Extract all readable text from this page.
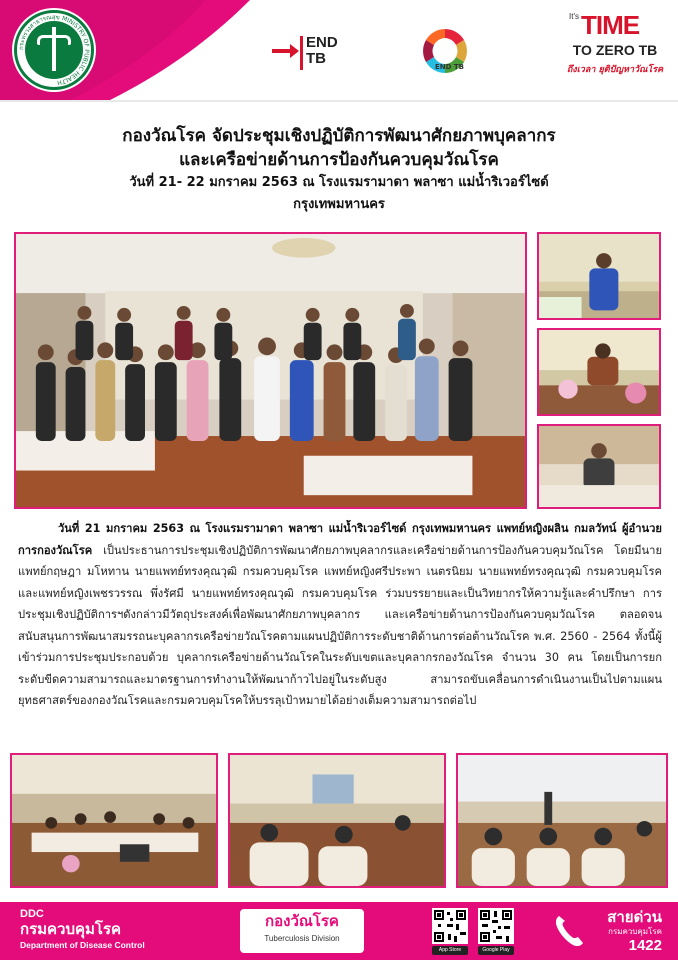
กระทรวงสาธารณสุข MINISTRY OF PUBLIC HEALTH
END TB	END TB
It's TIME
TO ZERO TB
ถึงเวลา ยุติปัญหาวัณโรค
กองวัณโรค จัดประชุมเชิงปฏิบัติการพัฒนาศักยภาพบุคลากร
และเครือข่ายด้านการป้องกันควบคุมวัณโรค
วันที่ 21- 22 มกราคม 2563 ณ โรงแรมรามาดา พลาซา แม่น้ำริเวอร์ไซด์
กรุงเทพมหานคร
วันที่ 21 มกราคม 2563 ณ โรงแรมรามาดา พลาซา แม่น้ำริเวอร์ไซด์ กรุงเทพมหานคร แพทย์หญิงผลิน กมลวัทน์ ผู้อำนวยการกองวัณโรค เป็นประธานการประชุมเชิงปฏิบัติการพัฒนาศักยภาพบุคลากรและเครือข่ายด้านการป้องกันควบคุมวัณโรค โดยมีนายแพทย์กฤษฎา มโหทาน นายแพทย์ทรงคุณวุฒิ กรมควบคุมโรค แพทย์หญิงศรีประพา เนตรนิยม นายแพทย์ทรงคุณวุฒิ กรมควบคุมโรค และแพทย์หญิงเพชรวรรณ พึ่งรัศมี นายแพทย์ทรงคุณวุฒิ กรมควบคุมโรค ร่วมบรรยายและเป็นวิทยากรให้ความรู้และคำปรึกษา การประชุมเชิงปฏิบัติการฯดังกล่าวมีวัตถุประสงค์เพื่อพัฒนาศักยภาพบุคลากร และเครือข่ายด้านการป้องกันควบคุมวัณโรค ตลอดจนสนับสนุนการพัฒนาสมรรถนะบุคลากรเครือข่ายวัณโรคตามแผนปฏิบัติการระดับชาติด้านการต่อต้านวัณโรค พ.ศ. 2560 - 2564 ทั้งนี้ผู้เข้าร่วมการประชุมประกอบด้วย บุคลากรเครือข่ายด้านวัณโรคในระดับเขตและบุคลากรกองวัณโรค จำนวน 30 คน โดยเป็นการยกระดับขีดความสามารถและมาตรฐานการทำงานให้พัฒนาก้าวไปอยู่ในระดับสูง สามารถขับเคลื่อนการดำเนินงานเป็นไปตามแผนยุทธศาสตร์ของกองวัณโรคและกรมควบคุมโรคให้บรรลุเป้าหมายได้อย่างเต็มความสามารถต่อไป
DDC
กรมควบคุมโรค
Department of Disease Control
กองวัณโรค
Tuberculosis Division
App Store	Google Play
สายด่วน
กรมควบคุมโรค
1422
